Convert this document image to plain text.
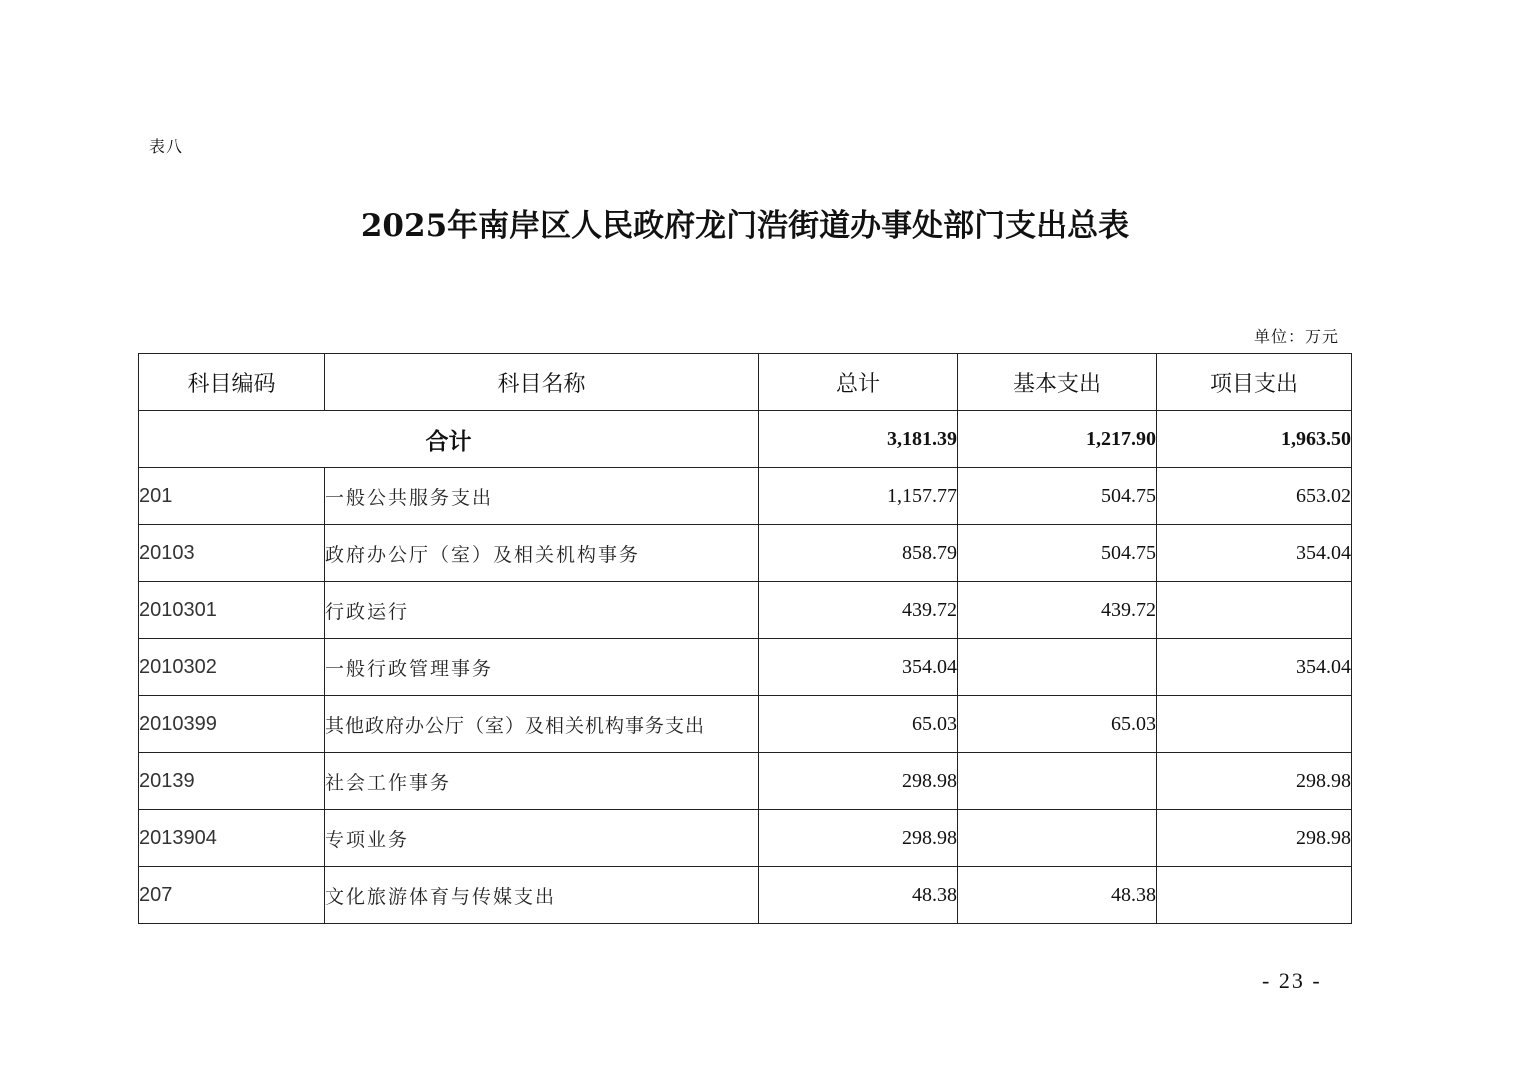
表八
2025年南岸区人民政府龙门浩街道办事处部门支出总表
单位：万元
科目编码	科目名称	总计	基本支出	项目支出
合计		3,181.39	1,217.90	1,963.50
201	一般公共服务支出	1,157.77	504.75	653.02
20103	政府办公厅（室）及相关机构事务	858.79	504.75	354.04
2010301	行政运行	439.72	439.72	
2010302	一般行政管理事务	354.04		354.04
2010399	其他政府办公厅（室）及相关机构事务支出	65.03	65.03	
20139	社会工作事务	298.98		298.98
2013904	专项业务	298.98		298.98
207	文化旅游体育与传媒支出	48.38	48.38	
- 23 -
